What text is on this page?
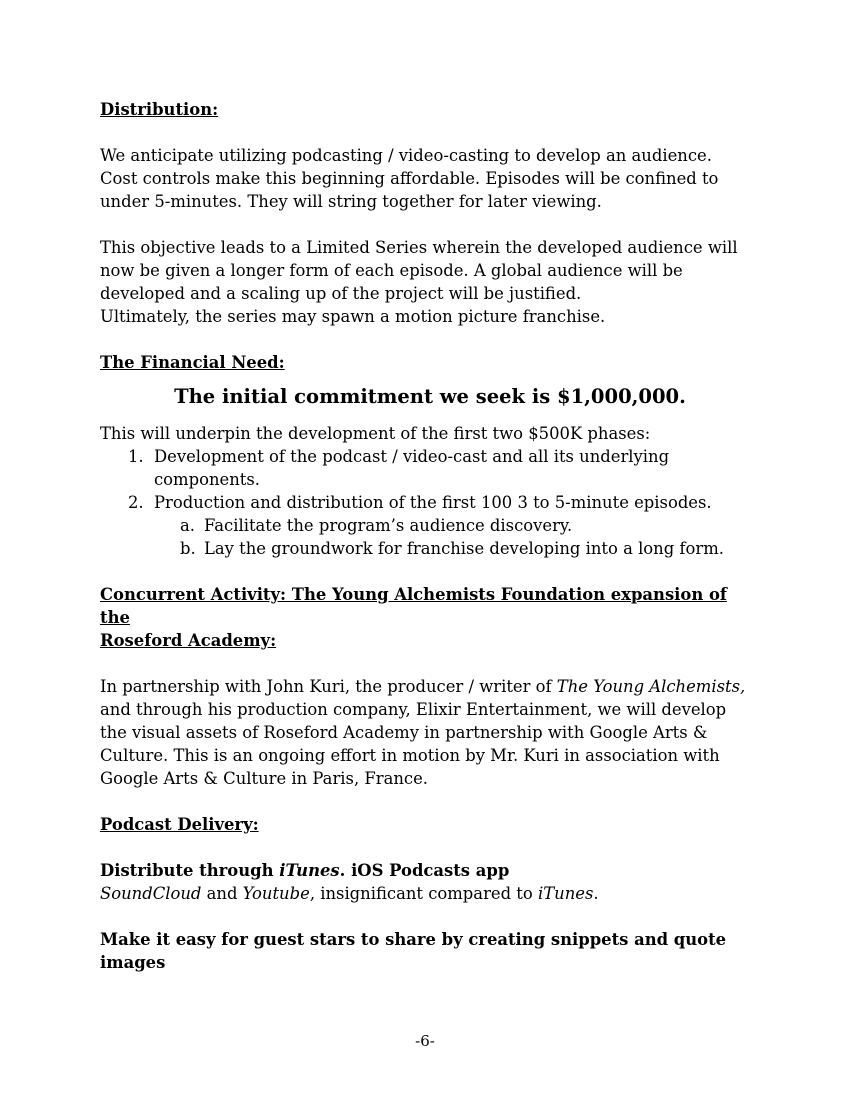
Distribution:

We anticipate utilizing podcasting / video-casting to develop an audience.
Cost controls make this beginning affordable. Episodes will be confined to
under 5-minutes. They will string together for later viewing.

This objective leads to a Limited Series wherein the developed audience will
now be given a longer form of each episode. A global audience will be
developed and a scaling up of the project will be justified.
Ultimately, the series may spawn a motion picture franchise.

The Financial Need:

The initial commitment we seek is $1,000,000.

This will underpin the development of the first two $500K phases:

1. Development of the podcast / video-cast and all its underlying
components.
2. Production and distribution of the first 100 3 to 5-minute episodes.
a. Facilitate the program’s audience discovery.
b. Lay the groundwork for franchise developing into a long form.

Concurrent Activity: The Young Alchemists Foundation expansion of the
Roseford Academy:

In partnership with John Kuri, the producer / writer of The Young Alchemists,
and through his production company, Elixir Entertainment, we will develop
the visual assets of Roseford Academy in partnership with Google Arts &
Culture. This is an ongoing effort in motion by Mr. Kuri in association with
Google Arts & Culture in Paris, France.

Podcast Delivery:

Distribute through iTunes. iOS Podcasts app

SoundCloud and Youtube, insignificant compared to iTunes.

Make it easy for guest stars to share by creating snippets and quote
images

-6-
